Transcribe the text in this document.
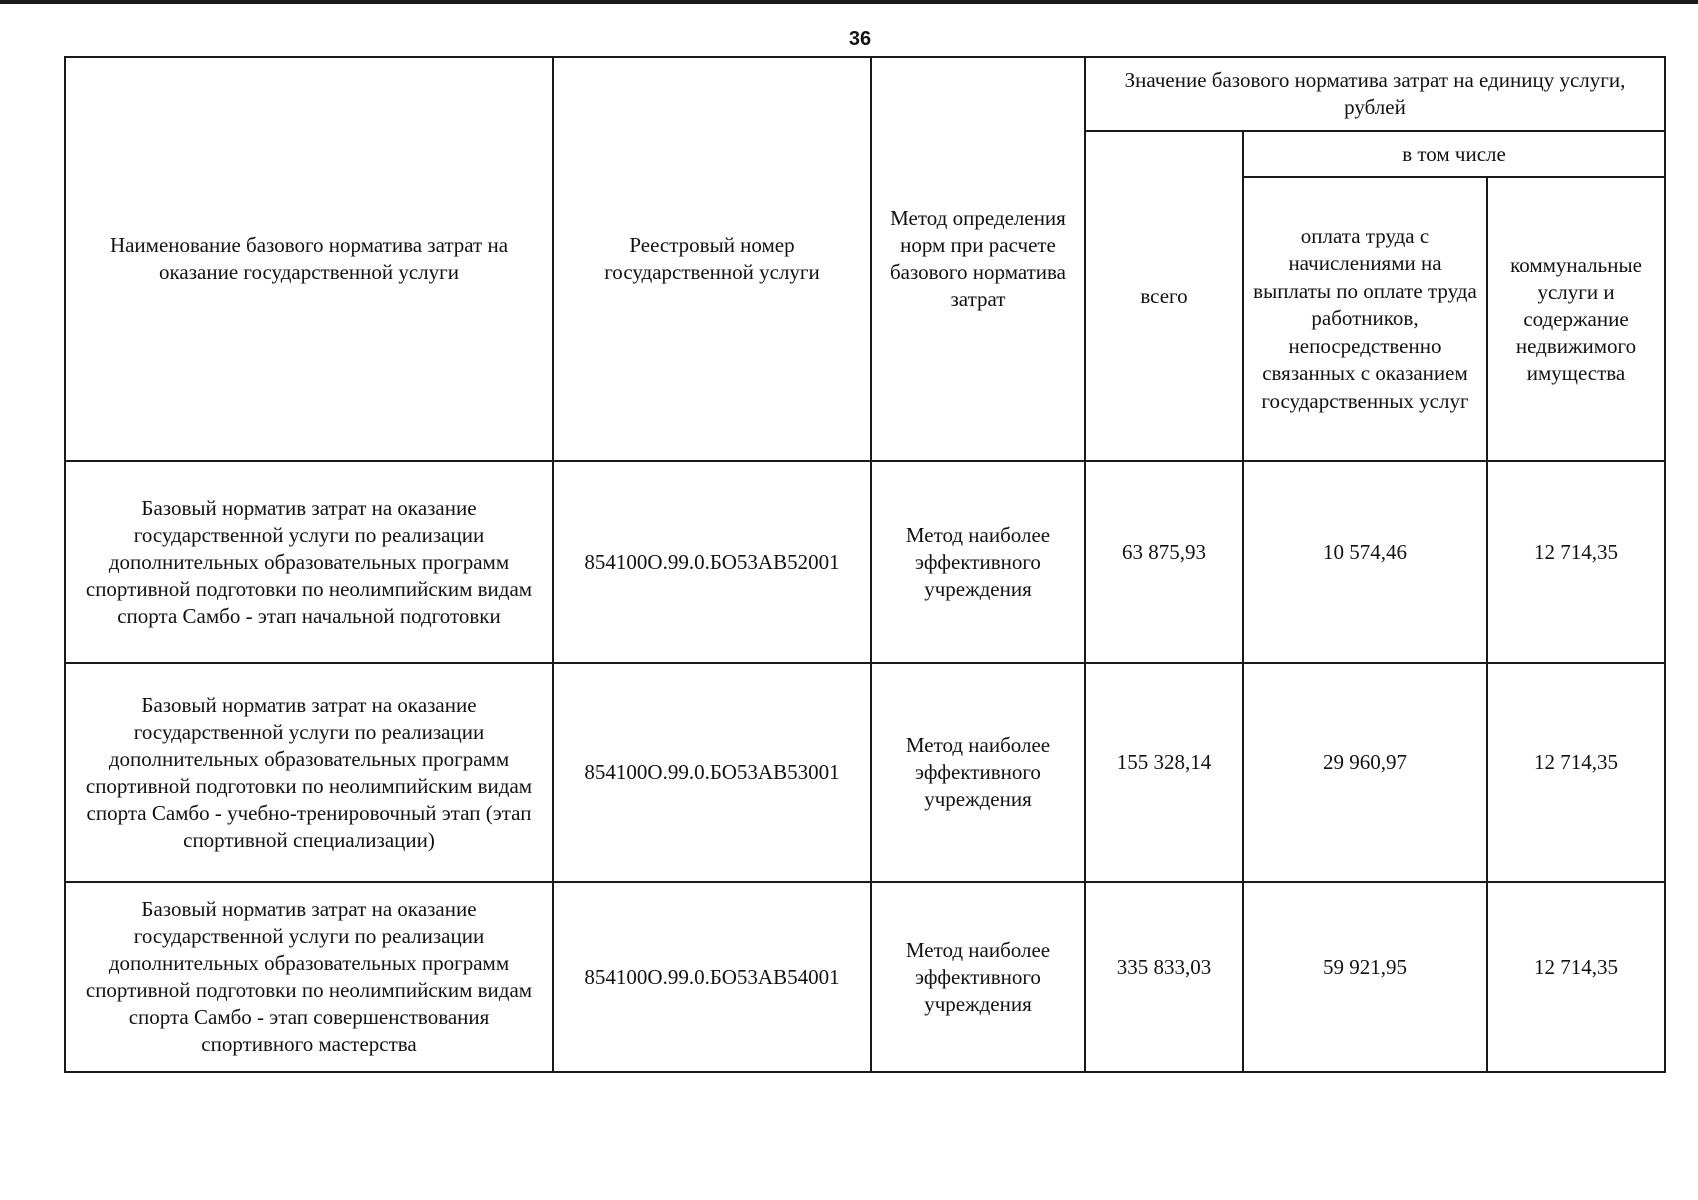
36
Наименование базового норматива затрат на оказание государственной услуги	Реестровый номер государственной услуги	Метод определения норм при расчете базового норматива затрат	Значение базового норматива затрат на единицу услуги, рублей		
			всего	в том числе	
				оплата труда с начислениями на выплаты по оплате труда работников, непосредственно связанных с оказанием государственных услуг	коммунальные услуги и содержание недвижимого имущества
Базовый норматив затрат на оказание государственной услуги по реализации дополнительных образовательных программ спортивной подготовки по неолимпийским видам спорта Самбо - этап начальной подготовки	854100О.99.0.БО53АВ52001	Метод наиболее эффективного учреждения	63 875,93	10 574,46	12 714,35
Базовый норматив затрат на оказание государственной услуги по реализации дополнительных образовательных программ спортивной подготовки по неолимпийским видам спорта Самбо - учебно-тренировочный этап (этап спортивной специализации)	854100О.99.0.БО53АВ53001	Метод наиболее эффективного учреждения	155 328,14	29 960,97	12 714,35
Базовый норматив затрат на оказание государственной услуги по реализации дополнительных образовательных программ спортивной подготовки по неолимпийским видам спорта Самбо - этап совершенствования спортивного мастерства	854100О.99.0.БО53АВ54001	Метод наиболее эффективного учреждения	335 833,03	59 921,95	12 714,35
